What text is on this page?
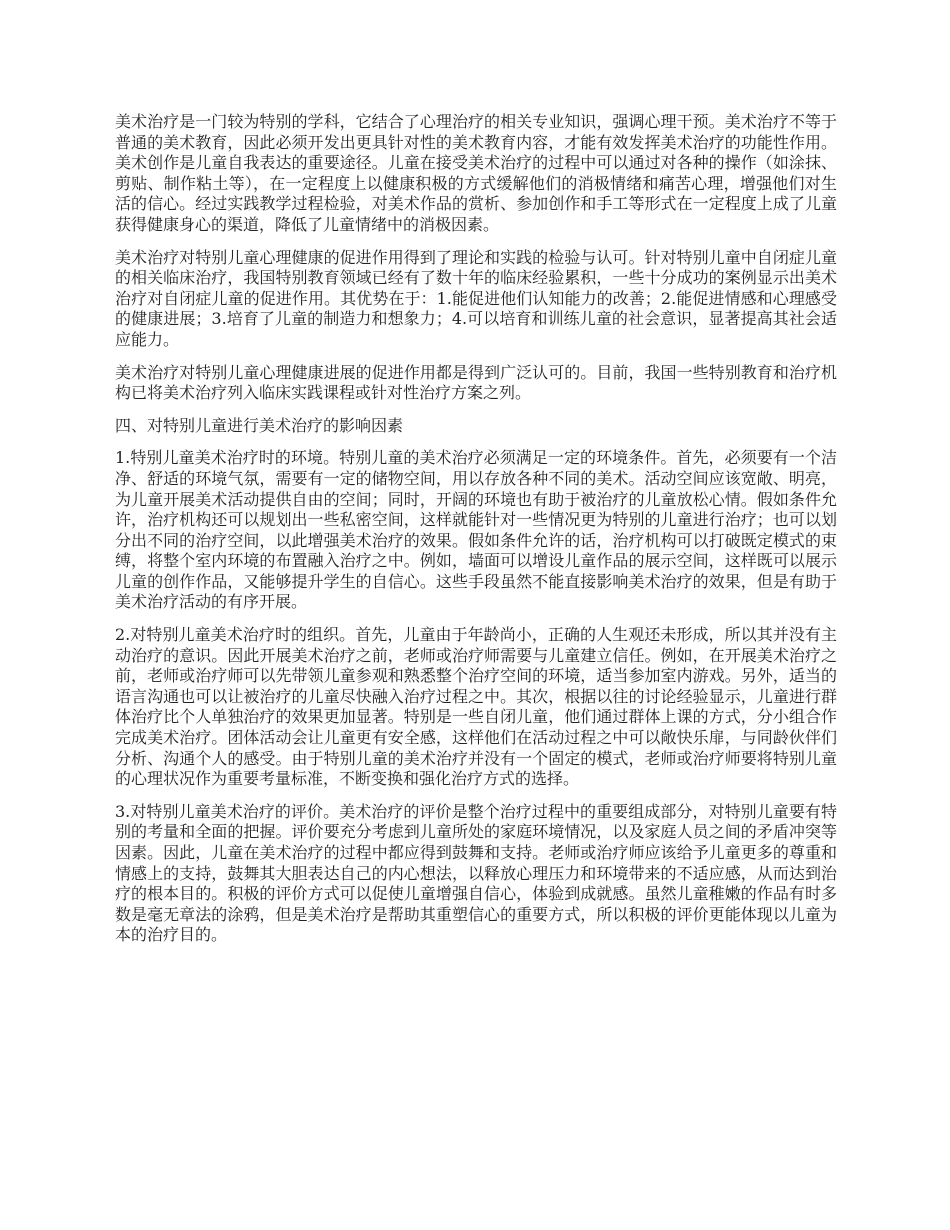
美术治疗是一门较为特别的学科，它结合了心理治疗的相关专业知识，强调心理干预。美术治疗不等于普通的美术教育，因此必须开发出更具针对性的美术教育内容，才能有效发挥美术治疗的功能性作用。美术创作是儿童自我表达的重要途径。儿童在接受美术治疗的过程中可以通过对各种的操作（如涂抹、剪贴、制作粘土等），在一定程度上以健康积极的方式缓解他们的消极情绪和痛苦心理，增强他们对生活的信心。经过实践教学过程检验，对美术作品的赏析、参加创作和手工等形式在一定程度上成了儿童获得健康身心的渠道，降低了儿童情绪中的消极因素。

美术治疗对特别儿童心理健康的促进作用得到了理论和实践的检验与认可。针对特别儿童中自闭症儿童的相关临床治疗，我国特别教育领域已经有了数十年的临床经验累积，一些十分成功的案例显示出美术治疗对自闭症儿童的促进作用。其优势在于：1.能促进他们认知能力的改善；2.能促进情感和心理感受的健康进展；3.培育了儿童的制造力和想象力；4.可以培育和训练儿童的社会意识，显著提高其社会适应能力。

美术治疗对特别儿童心理健康进展的促进作用都是得到广泛认可的。目前，我国一些特别教育和治疗机构已将美术治疗列入临床实践课程或针对性治疗方案之列。

四、对特别儿童进行美术治疗的影响因素

1.特别儿童美术治疗时的环境。特别儿童的美术治疗必须满足一定的环境条件。首先，必须要有一个洁净、舒适的环境气氛，需要有一定的储物空间，用以存放各种不同的美术。活动空间应该宽敞、明亮，为儿童开展美术活动提供自由的空间；同时，开阔的环境也有助于被治疗的儿童放松心情。假如条件允许，治疗机构还可以规划出一些私密空间，这样就能针对一些情况更为特别的儿童进行治疗；也可以划分出不同的治疗空间，以此增强美术治疗的效果。假如条件允许的话，治疗机构可以打破既定模式的束缚，将整个室内环境的布置融入治疗之中。例如，墙面可以增设儿童作品的展示空间，这样既可以展示儿童的创作作品，又能够提升学生的自信心。这些手段虽然不能直接影响美术治疗的效果，但是有助于美术治疗活动的有序开展。

2.对特别儿童美术治疗时的组织。首先，儿童由于年龄尚小，正确的人生观还未形成，所以其并没有主动治疗的意识。因此开展美术治疗之前，老师或治疗师需要与儿童建立信任。例如，在开展美术治疗之前，老师或治疗师可以先带领儿童参观和熟悉整个治疗空间的环境，适当参加室内游戏。另外，适当的语言沟通也可以让被治疗的儿童尽快融入治疗过程之中。其次，根据以往的讨论经验显示，儿童进行群体治疗比个人单独治疗的效果更加显著。特别是一些自闭儿童，他们通过群体上课的方式，分小组合作完成美术治疗。团体活动会让儿童更有安全感，这样他们在活动过程之中可以敞快乐扉，与同龄伙伴们分析、沟通个人的感受。由于特别儿童的美术治疗并没有一个固定的模式，老师或治疗师要将特别儿童的心理状况作为重要考量标准，不断变换和强化治疗方式的选择。

3.对特别儿童美术治疗的评价。美术治疗的评价是整个治疗过程中的重要组成部分，对特别儿童要有特别的考量和全面的把握。评价要充分考虑到儿童所处的家庭环境情况，以及家庭人员之间的矛盾冲突等因素。因此，儿童在美术治疗的过程中都应得到鼓舞和支持。老师或治疗师应该给予儿童更多的尊重和情感上的支持，鼓舞其大胆表达自己的内心想法，以释放心理压力和环境带来的不适应感，从而达到治疗的根本目的。积极的评价方式可以促使儿童增强自信心，体验到成就感。虽然儿童稚嫩的作品有时多数是毫无章法的涂鸦，但是美术治疗是帮助其重塑信心的重要方式，所以积极的评价更能体现以儿童为本的治疗目的。
